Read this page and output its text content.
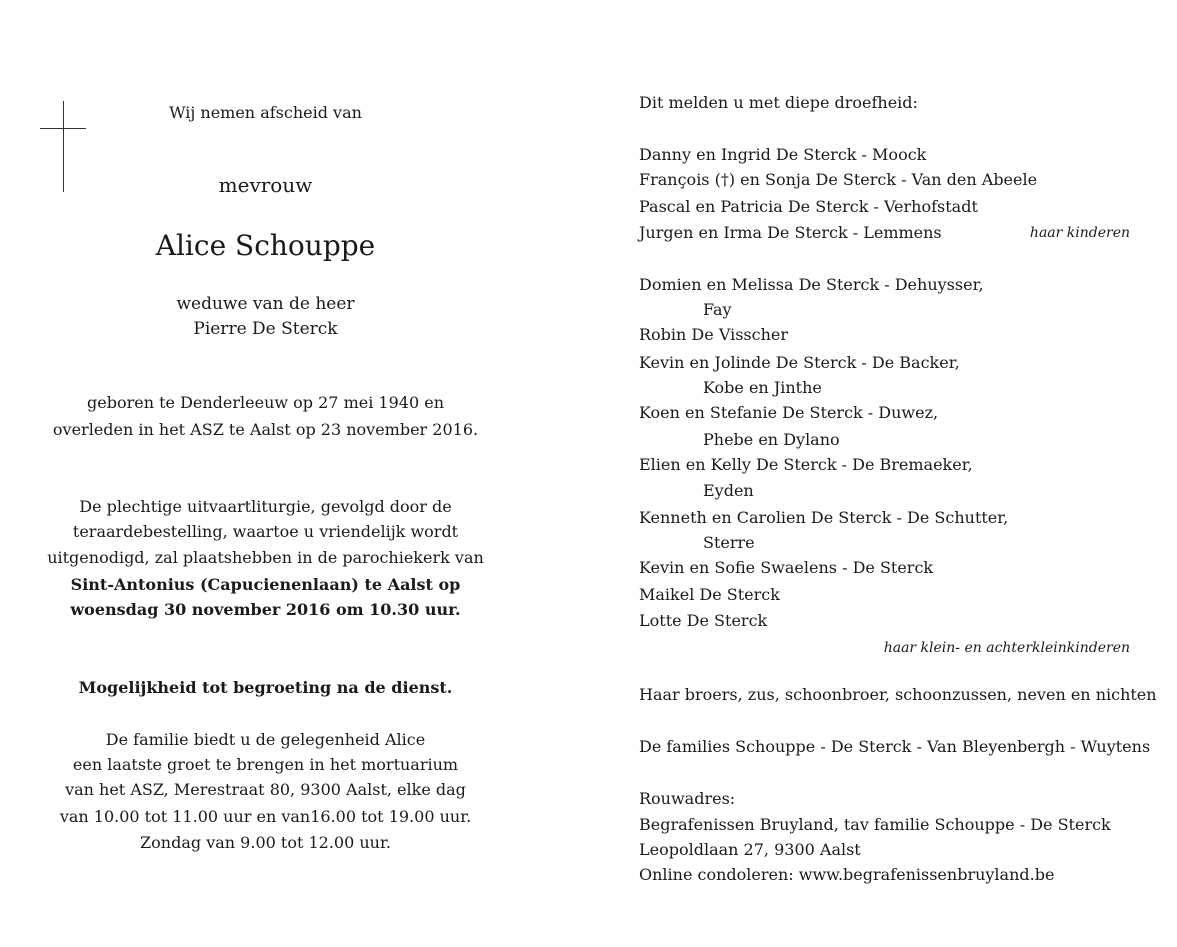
Wij nemen afscheid van
mevrouw
Alice Schouppe
weduwe van de heer
Pierre De Sterck
geboren te Denderleeuw op 27 mei 1940 en
overleden in het ASZ te Aalst op 23 november 2016.
De plechtige uitvaartliturgie, gevolgd door de
teraardebestelling, waartoe u vriendelijk wordt
uitgenodigd, zal plaatshebben in de parochiekerk van
Sint-Antonius (Capucienenlaan) te Aalst op
woensdag 30 november 2016 om 10.30 uur.
Mogelijkheid tot begroeting na de dienst.
De familie biedt u de gelegenheid Alice
een laatste groet te brengen in het mortuarium
van het ASZ, Merestraat 80, 9300 Aalst, elke dag
van 10.00 tot 11.00 uur en van16.00 tot 19.00 uur.
Zondag van 9.00 tot 12.00 uur.
Dit melden u met diepe droefheid:
Danny en Ingrid De Sterck - Moock
François (†) en Sonja De Sterck - Van den Abeele
Pascal en Patricia De Sterck - Verhofstadt
Jurgen en Irma De Sterck - Lemmens	haar kinderen
Domien en Melissa De Sterck - Dehuysser,
Fay
Robin De Visscher
Kevin en Jolinde De Sterck - De Backer,
Kobe en Jinthe
Koen en Stefanie De Sterck - Duwez,
Phebe en Dylano
Elien en Kelly De Sterck - De Bremaeker,
Eyden
Kenneth en Carolien De Sterck - De Schutter,
Sterre
Kevin en Sofie Swaelens - De Sterck
Maikel De Sterck
Lotte De Sterck
haar klein- en achterkleinkinderen
Haar broers, zus, schoonbroer, schoonzussen, neven en nichten
De families Schouppe - De Sterck - Van Bleyenbergh - Wuytens
Rouwadres:
Begrafenissen Bruyland, tav familie Schouppe - De Sterck
Leopoldlaan 27, 9300 Aalst
Online condoleren: www.begrafenissenbruyland.be
